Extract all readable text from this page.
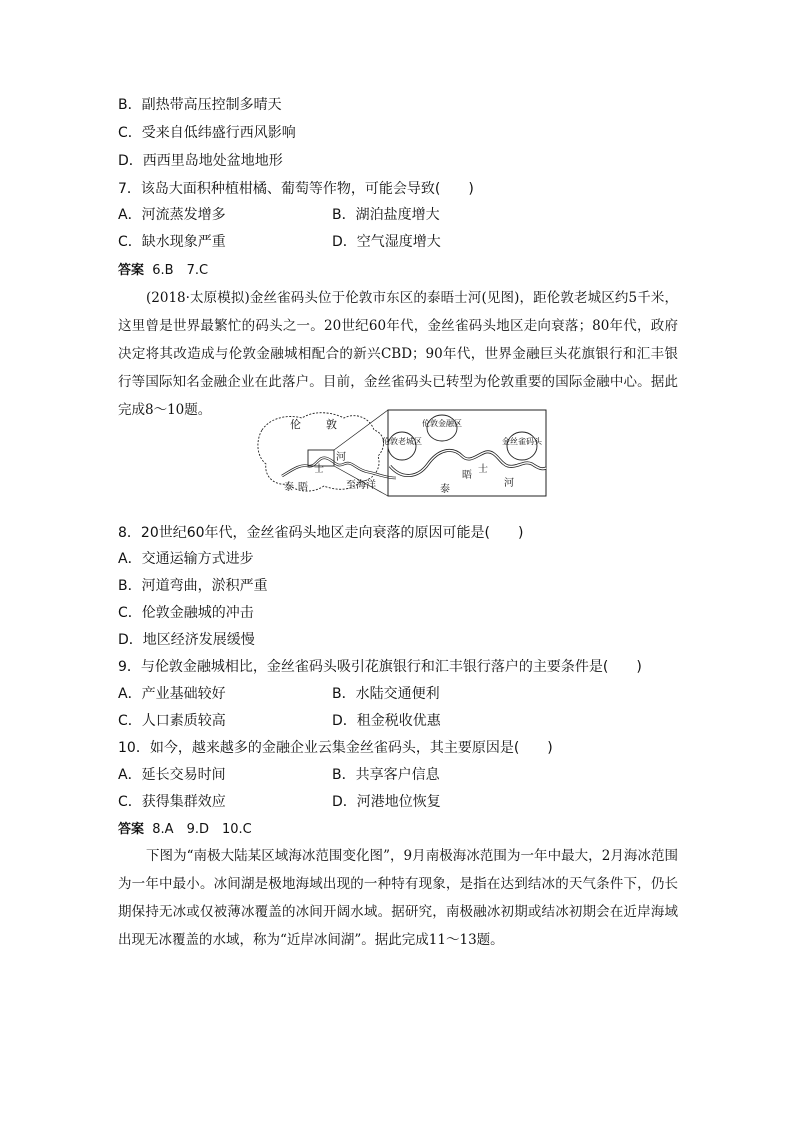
B．副热带高压控制多晴天
C．受来自低纬盛行西风影响
D．西西里岛地处盆地地形
7．该岛大面积种植柑橘、葡萄等作物，可能会导致(　　)
A．河流蒸发增多	B．湖泊盐度增大
C．缺水现象严重	D．空气湿度增大
答案 6.B　7.C

(2018·太原模拟)金丝雀码头位于伦敦市东区的泰晤士河(见图)，距伦敦老城区约5千米，这里曾是世界最繁忙的码头之一。20世纪60年代，金丝雀码头地区走向衰落；80年代，政府决定将其改造成与伦敦金融城相配合的新兴CBD；90年代，世界金融巨头花旗银行和汇丰银行等国际知名金融企业在此落户。目前，金丝雀码头已转型为伦敦重要的国际金融中心。据此完成8～10题。

伦 敦
泰 晤
士
河
至海洋
伦敦老城区
伦敦金融区
晤
士
河
泰
金丝雀码头
8．20世纪60年代，金丝雀码头地区走向衰落的原因可能是(　　)
A．交通运输方式进步
B．河道弯曲，淤积严重
C．伦敦金融城的冲击
D．地区经济发展缓慢
9．与伦敦金融城相比，金丝雀码头吸引花旗银行和汇丰银行落户的主要条件是(　　)
A．产业基础较好	B．水陆交通便利
C．人口素质较高	D．租金税收优惠
10．如今，越来越多的金融企业云集金丝雀码头，其主要原因是(　　)
A．延长交易时间	B．共享客户信息
C．获得集群效应	D．河港地位恢复
答案 8.A　9.D　10.C

下图为“南极大陆某区域海冰范围变化图”，9月南极海冰范围为一年中最大，2月海冰范围为一年中最小。冰间湖是极地海域出现的一种特有现象，是指在达到结冰的天气条件下，仍长期保持无冰或仅被薄冰覆盖的冰间开阔水域。据研究，南极融冰初期或结冰初期会在近岸海域出现无冰覆盖的水域，称为“近岸冰间湖”。据此完成11～13题。
